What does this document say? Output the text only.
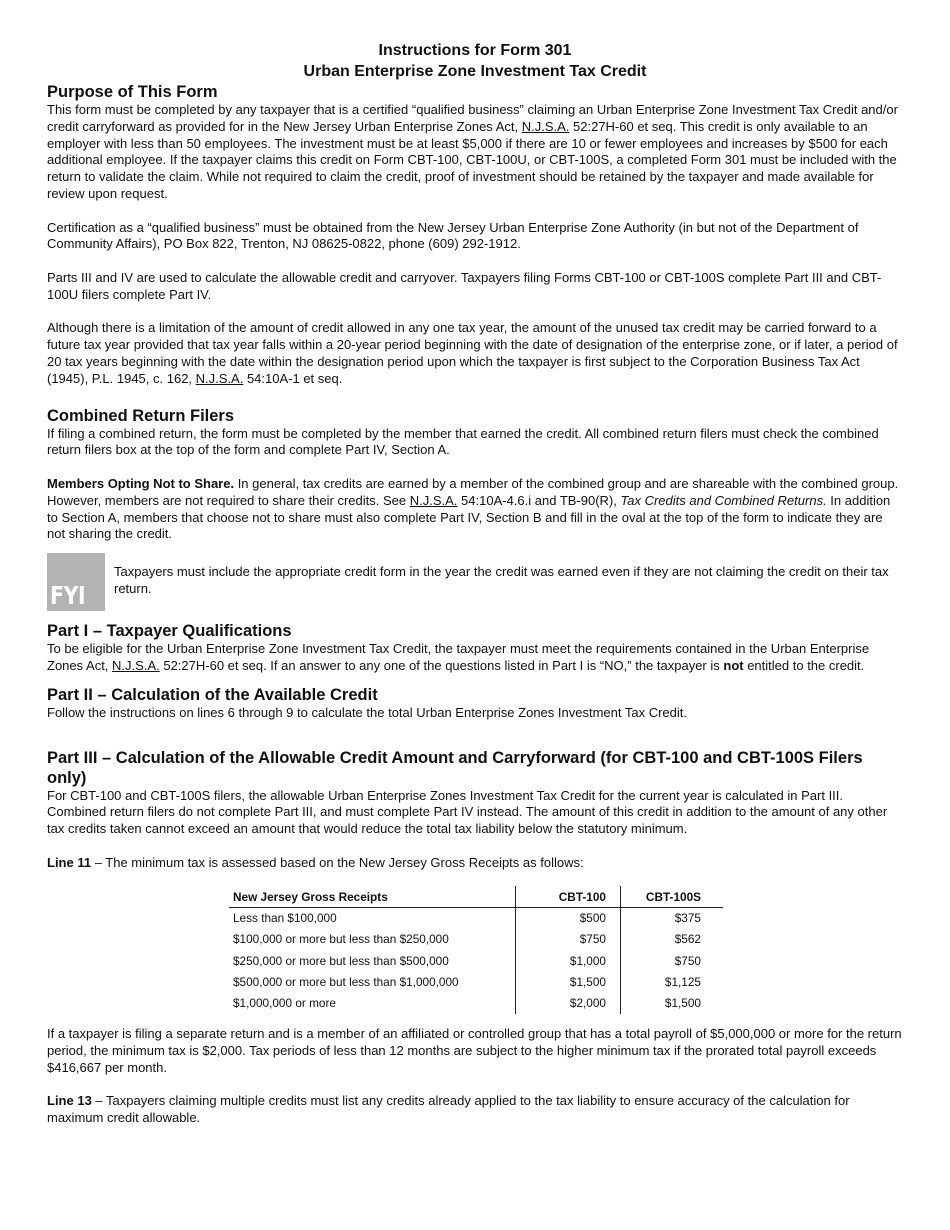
Instructions for Form 301
Urban Enterprise Zone Investment Tax Credit
Purpose of This Form

This form must be completed by any taxpayer that is a certified “qualified business” claiming an Urban Enterprise Zone Investment Tax Credit and/or credit carryforward as provided for in the New Jersey Urban Enterprise Zones Act, N.J.S.A. 52:27H-60 et seq. This credit is only available to an employer with less than 50 employees. The investment must be at least $5,000 if there are 10 or fewer employees and increases by $500 for each additional employee. If the taxpayer claims this credit on Form CBT-100, CBT-100U, or CBT-100S, a completed Form 301 must be included with the return to validate the claim. While not required to claim the credit, proof of investment should be retained by the taxpayer and made available for review upon request.

Certification as a “qualified business” must be obtained from the New Jersey Urban Enterprise Zone Authority (in but not of the Department of Community Affairs), PO Box 822, Trenton, NJ 08625-0822, phone (609) 292-1912.

Parts III and IV are used to calculate the allowable credit and carryover. Taxpayers filing Forms CBT-100 or CBT-100S complete Part III and CBT-100U filers complete Part IV.

Although there is a limitation of the amount of credit allowed in any one tax year, the amount of the unused tax credit may be carried forward to a future tax year provided that tax year falls within a 20-year period beginning with the date of designation of the enterprise zone, or if later, a period of 20 tax years beginning with the date within the designation period upon which the taxpayer is first subject to the Corporation Business Tax Act (1945), P.L. 1945, c. 162, N.J.S.A. 54:10A-1 et seq.

Combined Return Filers

If filing a combined return, the form must be completed by the member that earned the credit. All combined return filers must check the combined return filers box at the top of the form and complete Part IV, Section A.

Members Opting Not to Share. In general, tax credits are earned by a member of the combined group and are shareable with the combined group. However, members are not required to share their credits. See N.J.S.A. 54:10A-4.6.i and TB-90(R), Tax Credits and Combined Returns. In addition to Section A, members that choose not to share must also complete Part IV, Section B and fill in the oval at the top of the form to indicate they are not sharing the credit.

FYI

Taxpayers must include the appropriate credit form in the year the credit was earned even if they are not claiming the credit on their tax return.

Part I – Taxpayer Qualifications

To be eligible for the Urban Enterprise Zone Investment Tax Credit, the taxpayer must meet the requirements contained in the Urban Enterprise Zones Act, N.J.S.A. 52:27H-60 et seq. If an answer to any one of the questions listed in Part I is “NO,” the taxpayer is not entitled to the credit.

Part II – Calculation of the Available Credit

Follow the instructions on lines 6 through 9 to calculate the total Urban Enterprise Zones Investment Tax Credit.

Part III – Calculation of the Allowable Credit Amount and Carryforward (for CBT-100 and CBT-100S Filers only)

For CBT-100 and CBT-100S filers, the allowable Urban Enterprise Zones Investment Tax Credit for the current year is calculated in Part III. Combined return filers do not complete Part III, and must complete Part IV instead. The amount of this credit in addition to the amount of any other tax credits taken cannot exceed an amount that would reduce the total tax liability below the statutory minimum.

Line 11 – The minimum tax is assessed based on the New Jersey Gross Receipts as follows:

New Jersey Gross Receipts	CBT-100	CBT-100S
Less than $100,000	$500	$375
$100,000 or more but less than $250,000	$750	$562
$250,000 or more but less than $500,000	$1,000	$750
$500,000 or more but less than $1,000,000	$1,500	$1,125
$1,000,000 or more	$2,000	$1,500

If a taxpayer is filing a separate return and is a member of an affiliated or controlled group that has a total payroll of $5,000,000 or more for the return period, the minimum tax is $2,000. Tax periods of less than 12 months are subject to the higher minimum tax if the prorated total payroll exceeds $416,667 per month.

Line 13 – Taxpayers claiming multiple credits must list any credits already applied to the tax liability to ensure accuracy of the calculation for maximum credit allowable.
